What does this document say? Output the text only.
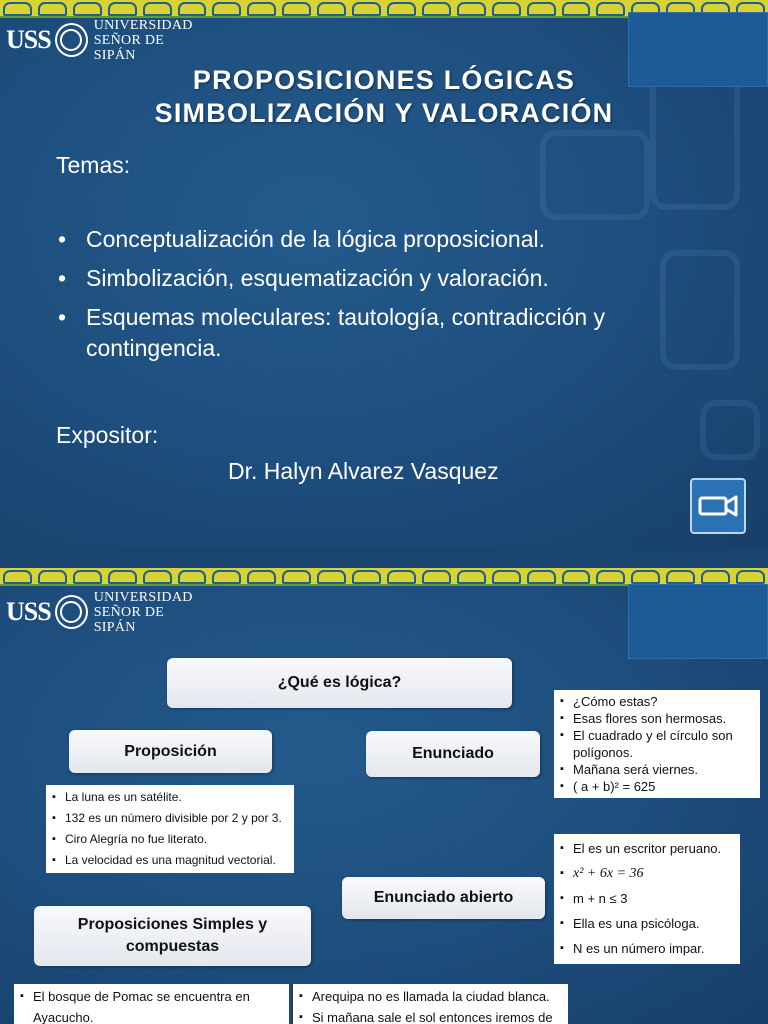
USS	UNIVERSIDAD
SEÑOR DE SIPÁN
PROPOSICIONES LÓGICAS
SIMBOLIZACIÓN Y VALORACIÓN
Temas:
• Conceptualización de la lógica proposicional.
• Simbolización, esquematización y valoración.
• Esquemas moleculares: tautología, contradicción y contingencia.
Expositor:
Dr. Halyn Alvarez Vasquez
USS	UNIVERSIDAD
SEÑOR DE SIPÁN
¿Qué es lógica?
Proposición	Enunciado
Enunciado abierto
Proposiciones Simples y compuestas
▪ ¿Cómo estas?
▪ Esas flores son hermosas.
▪ El cuadrado y el círculo son polígonos.
▪ Mañana será viernes.
▪ ( a + b)² = 625
▪ La luna es un satélite.
▪ 132 es un número divisible por 2 y por 3.
▪ Ciro Alegría no fue literato.
▪ La velocidad es una magnitud vectorial.
▪ El es un escritor peruano.
▪ x² + 6x = 36
▪ m + n ≤ 3
▪ Ella es una psicóloga.
▪ N es un número impar.
▪ El bosque de Pomac se encuentra en Ayacucho.
▪ Arequipa no es llamada la ciudad blanca.
▪ Si mañana sale el sol entonces iremos de
